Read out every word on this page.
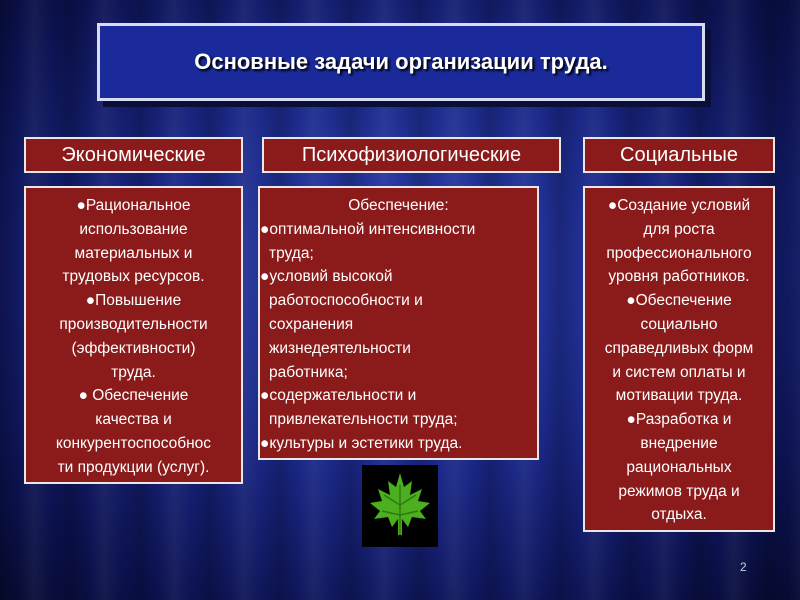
Основные задачи организации труда.
Экономические
●Рациональное
использование
материальных и
трудовых ресурсов.
●Повышение
производительности
(эффективности)
труда.
● Обеспечение
качества и
конкурентоспособнос
ти продукции (услуг).
Психофизиологические
Обеспечение:
●оптимальной интенсивности
труда;
●условий высокой
работоспособности и
сохранения
жизнедеятельности
работника;
●содержательности и
привлекательности труда;
●культуры и эстетики труда.
Социальные
●Создание условий
для роста
профессионального
уровня работников.
●Обеспечение
социально
справедливых форм
и систем оплаты и
мотивации труда.
●Разработка и
внедрение
рациональных
режимов труда и
отдыха.
2
